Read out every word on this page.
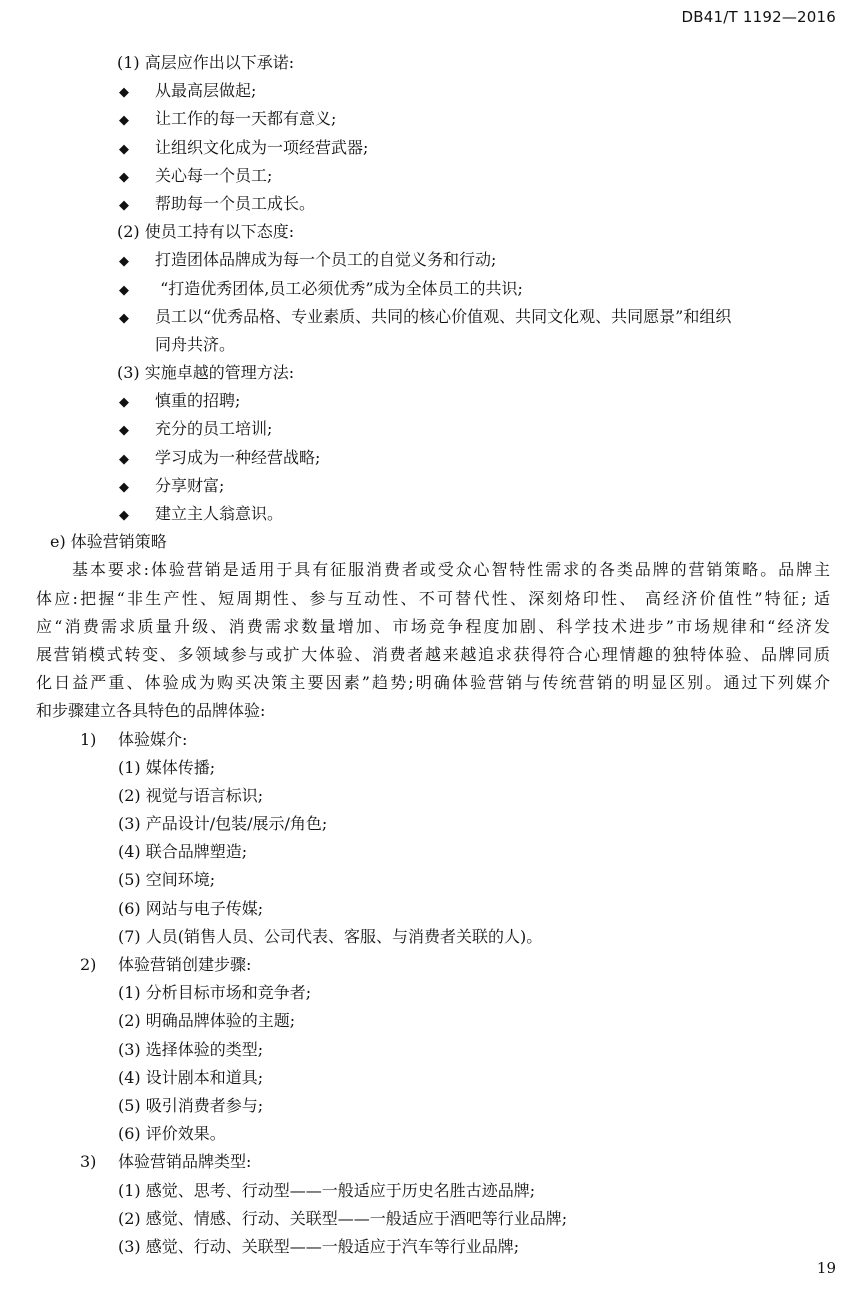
DB41/T 1192—2016
(1) 高层应作出以下承诺:
◆ 从最高层做起;
◆ 让工作的每一天都有意义;
◆ 让组织文化成为一项经营武器;
◆ 关心每一个员工;
◆ 帮助每一个员工成长。
(2) 使员工持有以下态度:
◆ 打造团体品牌成为每一个员工的自觉义务和行动;
◆ “打造优秀团体,员工必须优秀”成为全体员工的共识;
◆ 员工以“优秀品格、专业素质、共同的核心价值观、共同文化观、共同愿景”和组织
同舟共济。
(3) 实施卓越的管理方法:
◆ 慎重的招聘;
◆ 充分的员工培训;
◆ 学习成为一种经营战略;
◆ 分享财富;
◆ 建立主人翁意识。
e) 体验营销策略
基本要求:体验营销是适用于具有征服消费者或受众心智特性需求的各类品牌的营销策略。品牌主
体应:把握“非生产性、短周期性、参与互动性、不可替代性、深刻烙印性、 高经济价值性”特征; 适
应“消费需求质量升级、消费需求数量增加、市场竞争程度加剧、科学技术进步”市场规律和“经济发
展营销模式转变、多领域参与或扩大体验、消费者越来越追求获得符合心理情趣的独特体验、品牌同质
化日益严重、体验成为购买决策主要因素”趋势;明确体验营销与传统营销的明显区别。通过下列媒介
和步骤建立各具特色的品牌体验:
1) 体验媒介:
(1) 媒体传播;
(2) 视觉与语言标识;
(3) 产品设计/包装/展示/角色;
(4) 联合品牌塑造;
(5) 空间环境;
(6) 网站与电子传媒;
(7) 人员(销售人员、公司代表、客服、与消费者关联的人)。
2) 体验营销创建步骤:
(1) 分析目标市场和竞争者;
(2) 明确品牌体验的主题;
(3) 选择体验的类型;
(4) 设计剧本和道具;
(5) 吸引消费者参与;
(6) 评价效果。
3) 体验营销品牌类型:
(1) 感觉、思考、行动型——一般适应于历史名胜古迹品牌;
(2) 感觉、情感、行动、关联型——一般适应于酒吧等行业品牌;
(3) 感觉、行动、关联型——一般适应于汽车等行业品牌;
19
